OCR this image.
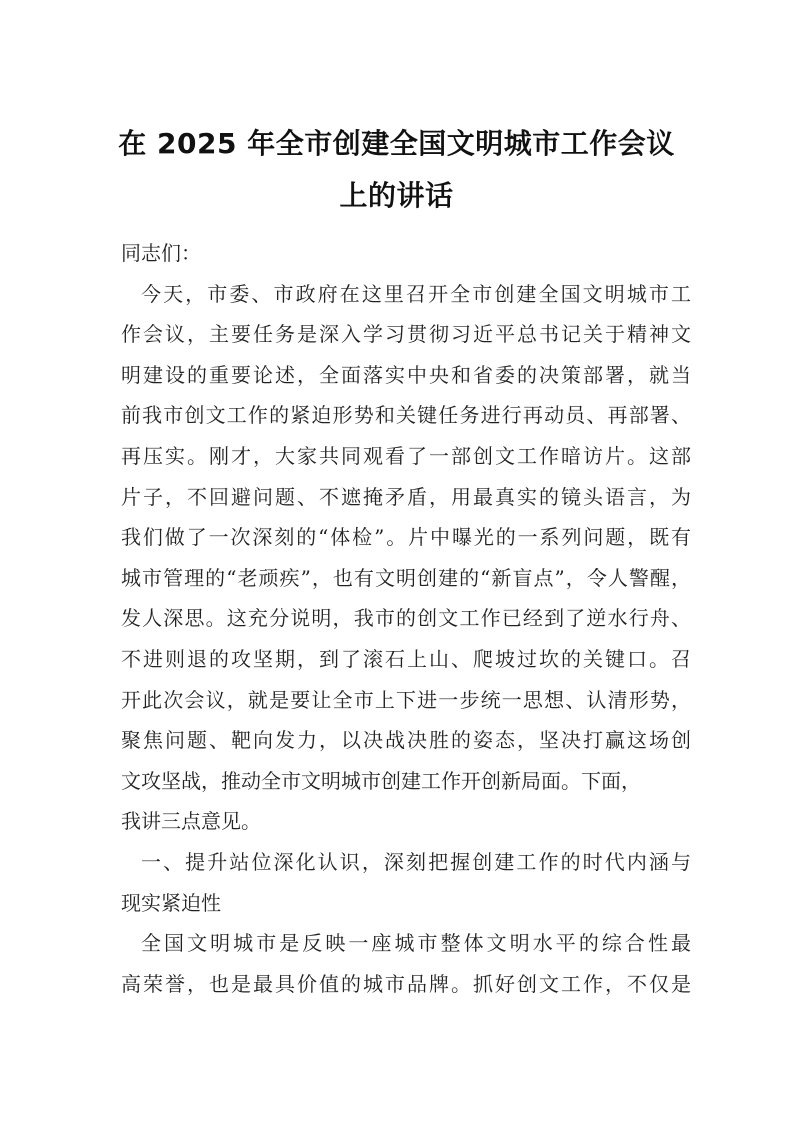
在 2025 年全市创建全国文明城市工作会议
上的讲话
同志们：
今天，市委、市政府在这里召开全市创建全国文明城市工
作会议，主要任务是深入学习贯彻习近平总书记关于精神文
明建设的重要论述，全面落实中央和省委的决策部署，就当
前我市创文工作的紧迫形势和关键任务进行再动员、再部署、
再压实。刚才，大家共同观看了一部创文工作暗访片。这部
片子，不回避问题、不遮掩矛盾，用最真实的镜头语言，为
我们做了一次深刻的“体检”。片中曝光的一系列问题，既有
城市管理的“老顽疾”，也有文明创建的“新盲点”，令人警醒，
发人深思。这充分说明，我市的创文工作已经到了逆水行舟、
不进则退的攻坚期，到了滚石上山、爬坡过坎的关键口。召
开此次会议，就是要让全市上下进一步统一思想、认清形势，
聚焦问题、靶向发力，以决战决胜的姿态，坚决打赢这场创
文攻坚战，推动全市文明城市创建工作开创新局面。下面，
我讲三点意见。
一、提升站位深化认识，深刻把握创建工作的时代内涵与
现实紧迫性
全国文明城市是反映一座城市整体文明水平的综合性最
高荣誉，也是最具价值的城市品牌。抓好创文工作，不仅是
